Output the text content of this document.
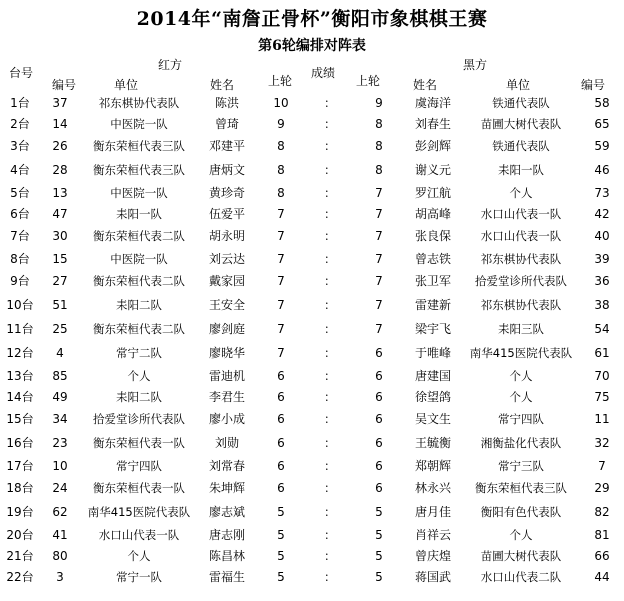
2014年“南詹正骨杯”衡阳市象棋棋王赛
第6轮编排对阵表
台号
红方
成绩
黑方
编号	单位	姓名	上轮	上轮	姓名	单位	编号
1台	37	祁东棋协代表队	陈洪	10	：	9	虞海洋	铁通代表队	58
2台	14	中医院一队	曾琦	9	：	8	刘春生	苗圃大树代表队	65
3台	26	衡东荣桓代表三队	邓建平	8	：	8	彭剑辉	铁通代表队	59
4台	28	衡东荣桓代表三队	唐炳文	8	：	8	谢义元	耒阳一队	46
5台	13	中医院一队	黄珍奇	8	：	7	罗江航	个人	73
6台	47	耒阳一队	伍爱平	7	：	7	胡高峰	水口山代表一队	42
7台	30	衡东荣桓代表二队	胡永明	7	：	7	张良保	水口山代表一队	40
8台	15	中医院一队	刘云达	7	：	7	曾志铁	祁东棋协代表队	39
9台	27	衡东荣桓代表二队	戴家园	7	：	7	张卫军	拾爱堂诊所代表队	36
10台	51	耒阳二队	王安全	7	：	7	雷建新	祁东棋协代表队	38
11台	25	衡东荣桓代表二队	廖剑庭	7	：	7	梁宇飞	耒阳三队	54
12台	4	常宁二队	廖晓华	7	：	6	于唯峰	南华415医院代表队	61
13台	85	个人	雷迪机	6	：	6	唐建国	个人	70
14台	49	耒阳二队	李君生	6	：	6	徐望鸽	个人	75
15台	34	拾爱堂诊所代表队	廖小成	6	：	6	吴文生	常宁四队	11
16台	23	衡东荣桓代表一队	刘勋	6	：	6	王毓衡	湘衡盐化代表队	32
17台	10	常宁四队	刘常春	6	：	6	郑朝辉	常宁三队	7
18台	24	衡东荣桓代表一队	朱坤辉	6	：	6	林永兴	衡东荣桓代表三队	29
19台	62	南华415医院代表队	廖志斌	5	：	5	唐月佳	衡阳有色代表队	82
20台	41	水口山代表一队	唐志刚	5	：	5	肖祥云	个人	81
21台	80	个人	陈昌林	5	：	5	曾庆煌	苗圃大树代表队	66
22台	3	常宁一队	雷福生	5	：	5	蒋国武	水口山代表二队	44
